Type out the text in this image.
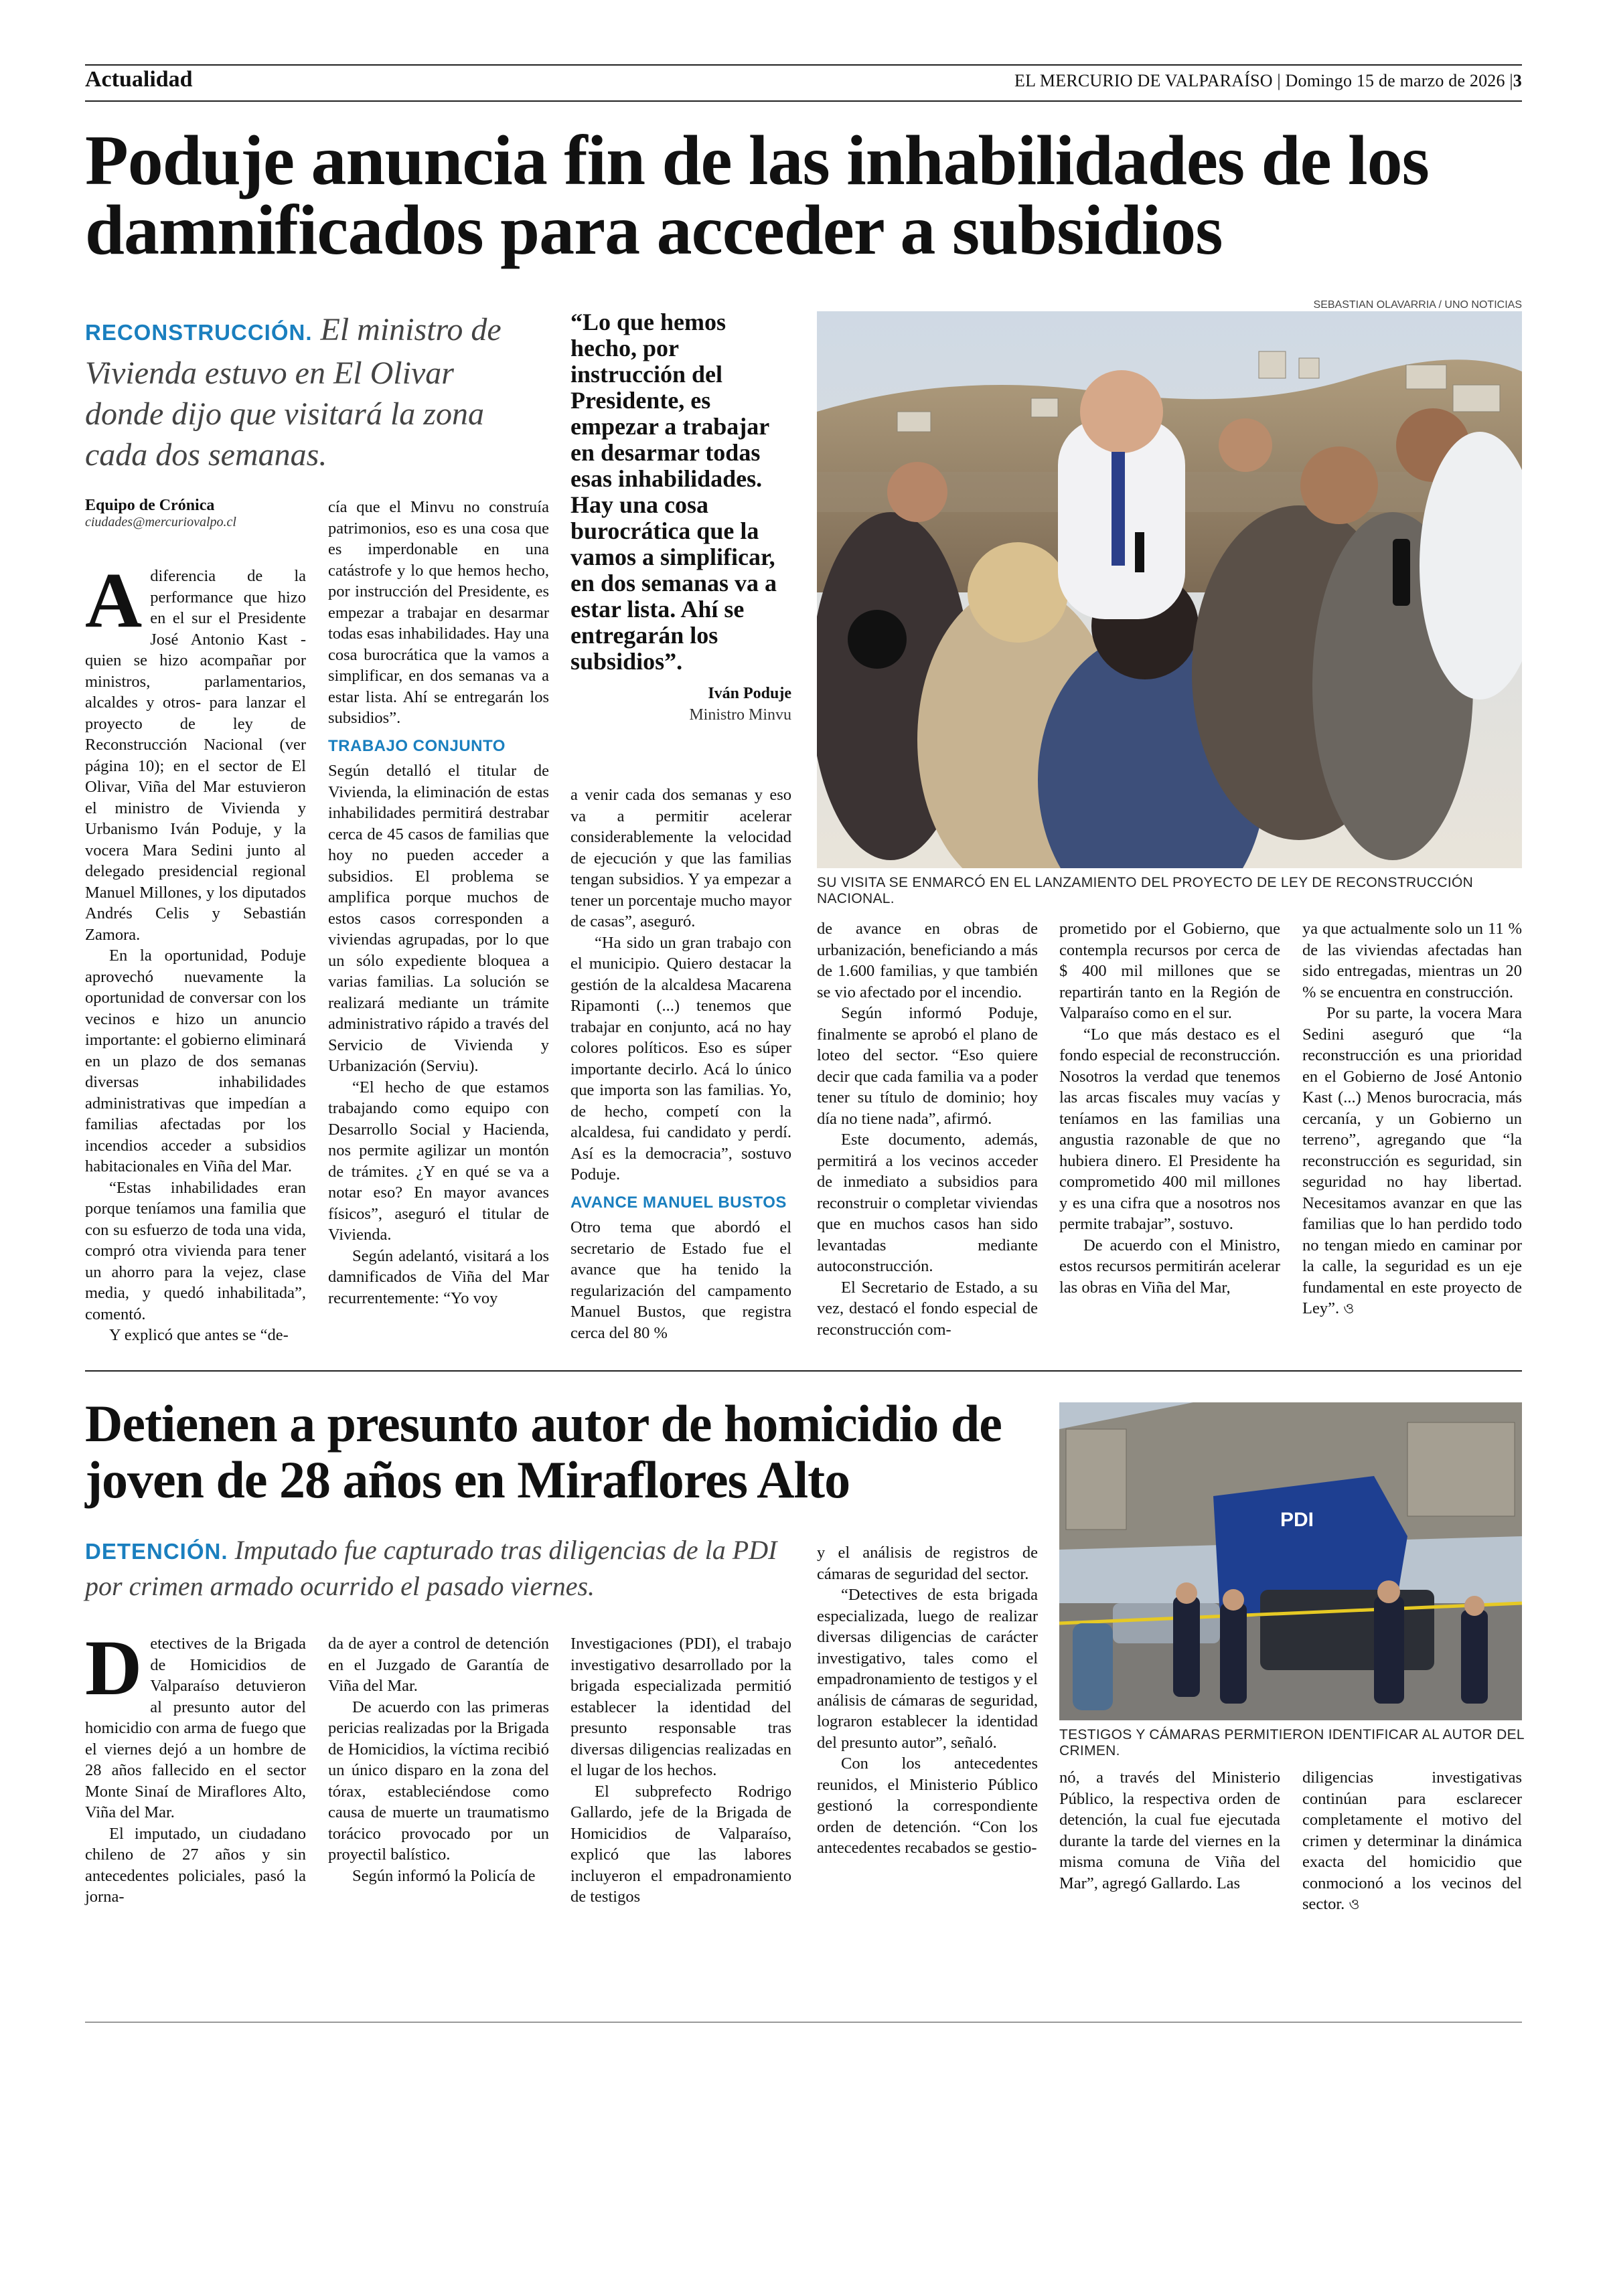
Actualidad	EL MERCURIO DE VALPARAÍSO | Domingo 15 de marzo de 2026 |3
Poduje anuncia fin de las inhabilidades de los damnificados para acceder a subsidios
RECONSTRUCCIÓN. El ministro de Vivienda estuvo en El Olivar donde dijo que visitará la zona cada dos semanas.
“Lo que hemos hecho, por instrucción del Presidente, es empezar a trabajar en desarmar todas esas inhabilidades. Hay una cosa burocrática que la vamos a simplificar, en dos semanas va a estar lista. Ahí se entregarán los subsidios”.
Iván Poduje
Ministro Minvu
SEBASTIAN OLAVARRIA / UNO NOTICIAS
SU VISITA SE ENMARCÓ EN EL LANZAMIENTO DEL PROYECTO DE LEY DE RECONSTRUCCIÓN NACIONAL.
Equipo de Crónica
ciudades@mercuriovalpo.cl

Adiferencia de la performance que hizo en el sur el Presidente José Antonio Kast -quien se hizo acompañar por ministros, parlamentarios, alcaldes y otros- para lanzar el proyecto de ley de Reconstrucción Nacional (ver página 10); en el sector de El Olivar, Viña del Mar estuvieron el ministro de Vivienda y Urbanismo Iván Poduje, y la vocera Mara Sedini junto al delegado presidencial regional Manuel Millones, y los diputados Andrés Celis y Sebastián Zamora.

En la oportunidad, Poduje aprovechó nuevamente la oportunidad de conversar con los vecinos e hizo un anuncio importante: el gobierno eliminará en un plazo de dos semanas diversas inhabilidades administrativas que impedían a familias afectadas por los incendios acceder a subsidios habitacionales en Viña del Mar.

“Estas inhabilidades eran porque teníamos una familia que con su esfuerzo de toda una vida, compró otra vivienda para tener un ahorro para la vejez, clase media, y quedó inhabilitada”, comentó.

Y explicó que antes se “de-

cía que el Minvu no construía patrimonios, eso es una cosa que es imperdonable en una catástrofe y lo que hemos hecho, por instrucción del Presidente, es empezar a trabajar en desarmar todas esas inhabilidades. Hay una cosa burocrática que la vamos a simplificar, en dos semanas va a estar lista. Ahí se entregarán los subsidios”.

TRABAJO CONJUNTO

Según detalló el titular de Vivienda, la eliminación de estas inhabilidades permitirá destrabar cerca de 45 casos de familias que hoy no pueden acceder a subsidios. El problema se amplifica porque muchos de estos casos corresponden a viviendas agrupadas, por lo que un sólo expediente bloquea a varias familias. La solución se realizará mediante un trámite administrativo rápido a través del Servicio de Vivienda y Urbanización (Serviu).

“El hecho de que estamos trabajando como equipo con Desarrollo Social y Hacienda, nos permite agilizar un montón de trámites. ¿Y en qué se va a notar eso? En mayor avances físicos”, aseguró el titular de Vivienda.

Según adelantó, visitará a los damnificados de Viña del Mar recurrentemente: “Yo voy

a venir cada dos semanas y eso va a permitir acelerar considerablemente la velocidad de ejecución y que las familias tengan subsidios. Y ya empezar a tener un porcentaje mucho mayor de casas”, aseguró.

“Ha sido un gran trabajo con el municipio. Quiero destacar la gestión de la alcaldesa Macarena Ripamonti (...) tenemos que trabajar en conjunto, acá no hay colores políticos. Eso es súper importante decirlo. Acá lo único que importa son las familias. Yo, de hecho, competí con la alcaldesa, fui candidato y perdí. Así es la democracia”, sostuvo Poduje.

AVANCE MANUEL BUSTOS

Otro tema que abordó el secretario de Estado fue el avance que ha tenido la regularización del campamento Manuel Bustos, que registra cerca del 80 %

de avance en obras de urbanización, beneficiando a más de 1.600 familias, y que también se vio afectado por el incendio.

Según informó Poduje, finalmente se aprobó el plano de loteo del sector. “Eso quiere decir que cada familia va a poder tener su título de dominio; hoy día no tiene nada”, afirmó.

Este documento, además, permitirá a los vecinos acceder de inmediato a subsidios para reconstruir o completar viviendas que en muchos casos han sido levantadas mediante autoconstrucción.

El Secretario de Estado, a su vez, destacó el fondo especial de reconstrucción com-

prometido por el Gobierno, que contempla recursos por cerca de $ 400 mil millones que se repartirán tanto en la Región de Valparaíso como en el sur.

“Lo que más destaco es el fondo especial de reconstrucción. Nosotros la verdad que tenemos las arcas fiscales muy vacías y teníamos en las familias una angustia razonable de que no hubiera dinero. El Presidente ha comprometido 400 mil millones y es una cifra que a nosotros nos permite trabajar”, sostuvo.

De acuerdo con el Ministro, estos recursos permitirán acelerar las obras en Viña del Mar,

ya que actualmente solo un 11 % de las viviendas afectadas han sido entregadas, mientras un 20 % se encuentra en construcción.

Por su parte, la vocera Mara Sedini aseguró que “la reconstrucción es una prioridad en el Gobierno de José Antonio Kast (...) Menos burocracia, más cercanía, y un Gobierno un terreno”, agregando que “la reconstrucción es seguridad, sin seguridad no hay libertad. Necesitamos avanzar en que las familias que lo han perdido todo no tengan miedo en caminar por la calle, la seguridad es un eje fundamental en este proyecto de Ley”. ও

Detienen a presunto autor de homicidio de joven de 28 años en Miraflores Alto
DETENCIÓN. Imputado fue capturado tras diligencias de la PDI por crimen armado ocurrido el pasado viernes.
PDI
TESTIGOS Y CÁMARAS PERMITIERON IDENTIFICAR AL AUTOR DEL CRIMEN.

Detectives de la Brigada de Homicidios de Valparaíso detuvieron al presunto autor del homicidio con arma de fuego que el viernes dejó a un hombre de 28 años fallecido en el sector Monte Sinaí de Miraflores Alto, Viña del Mar.

El imputado, un ciudadano chileno de 27 años y sin antecedentes policiales, pasó la jorna-

da de ayer a control de detención en el Juzgado de Garantía de Viña del Mar.

De acuerdo con las primeras pericias realizadas por la Brigada de Homicidios, la víctima recibió un único disparo en la zona del tórax, estableciéndose como causa de muerte un traumatismo torácico provocado por un proyectil balístico.

Según informó la Policía de

Investigaciones (PDI), el trabajo investigativo desarrollado por la brigada especializada permitió establecer la identidad del presunto responsable tras diversas diligencias realizadas en el lugar de los hechos.

El subprefecto Rodrigo Gallardo, jefe de la Brigada de Homicidios de Valparaíso, explicó que las labores incluyeron el empadronamiento de testigos

y el análisis de registros de cámaras de seguridad del sector.

“Detectives de esta brigada especializada, luego de realizar diversas diligencias de carácter investigativo, tales como el empadronamiento de testigos y el análisis de cámaras de seguridad, lograron establecer la identidad del presunto autor”, señaló.

Con los antecedentes reunidos, el Ministerio Público gestionó la correspondiente orden de detención. “Con los antecedentes recabados se gestio-

nó, a través del Ministerio Público, la respectiva orden de detención, la cual fue ejecutada durante la tarde del viernes en la misma comuna de Viña del Mar”, agregó Gallardo. Las

diligencias investigativas continúan para esclarecer completamente el motivo del crimen y determinar la dinámica exacta del homicidio que conmocionó a los vecinos del sector. ও
